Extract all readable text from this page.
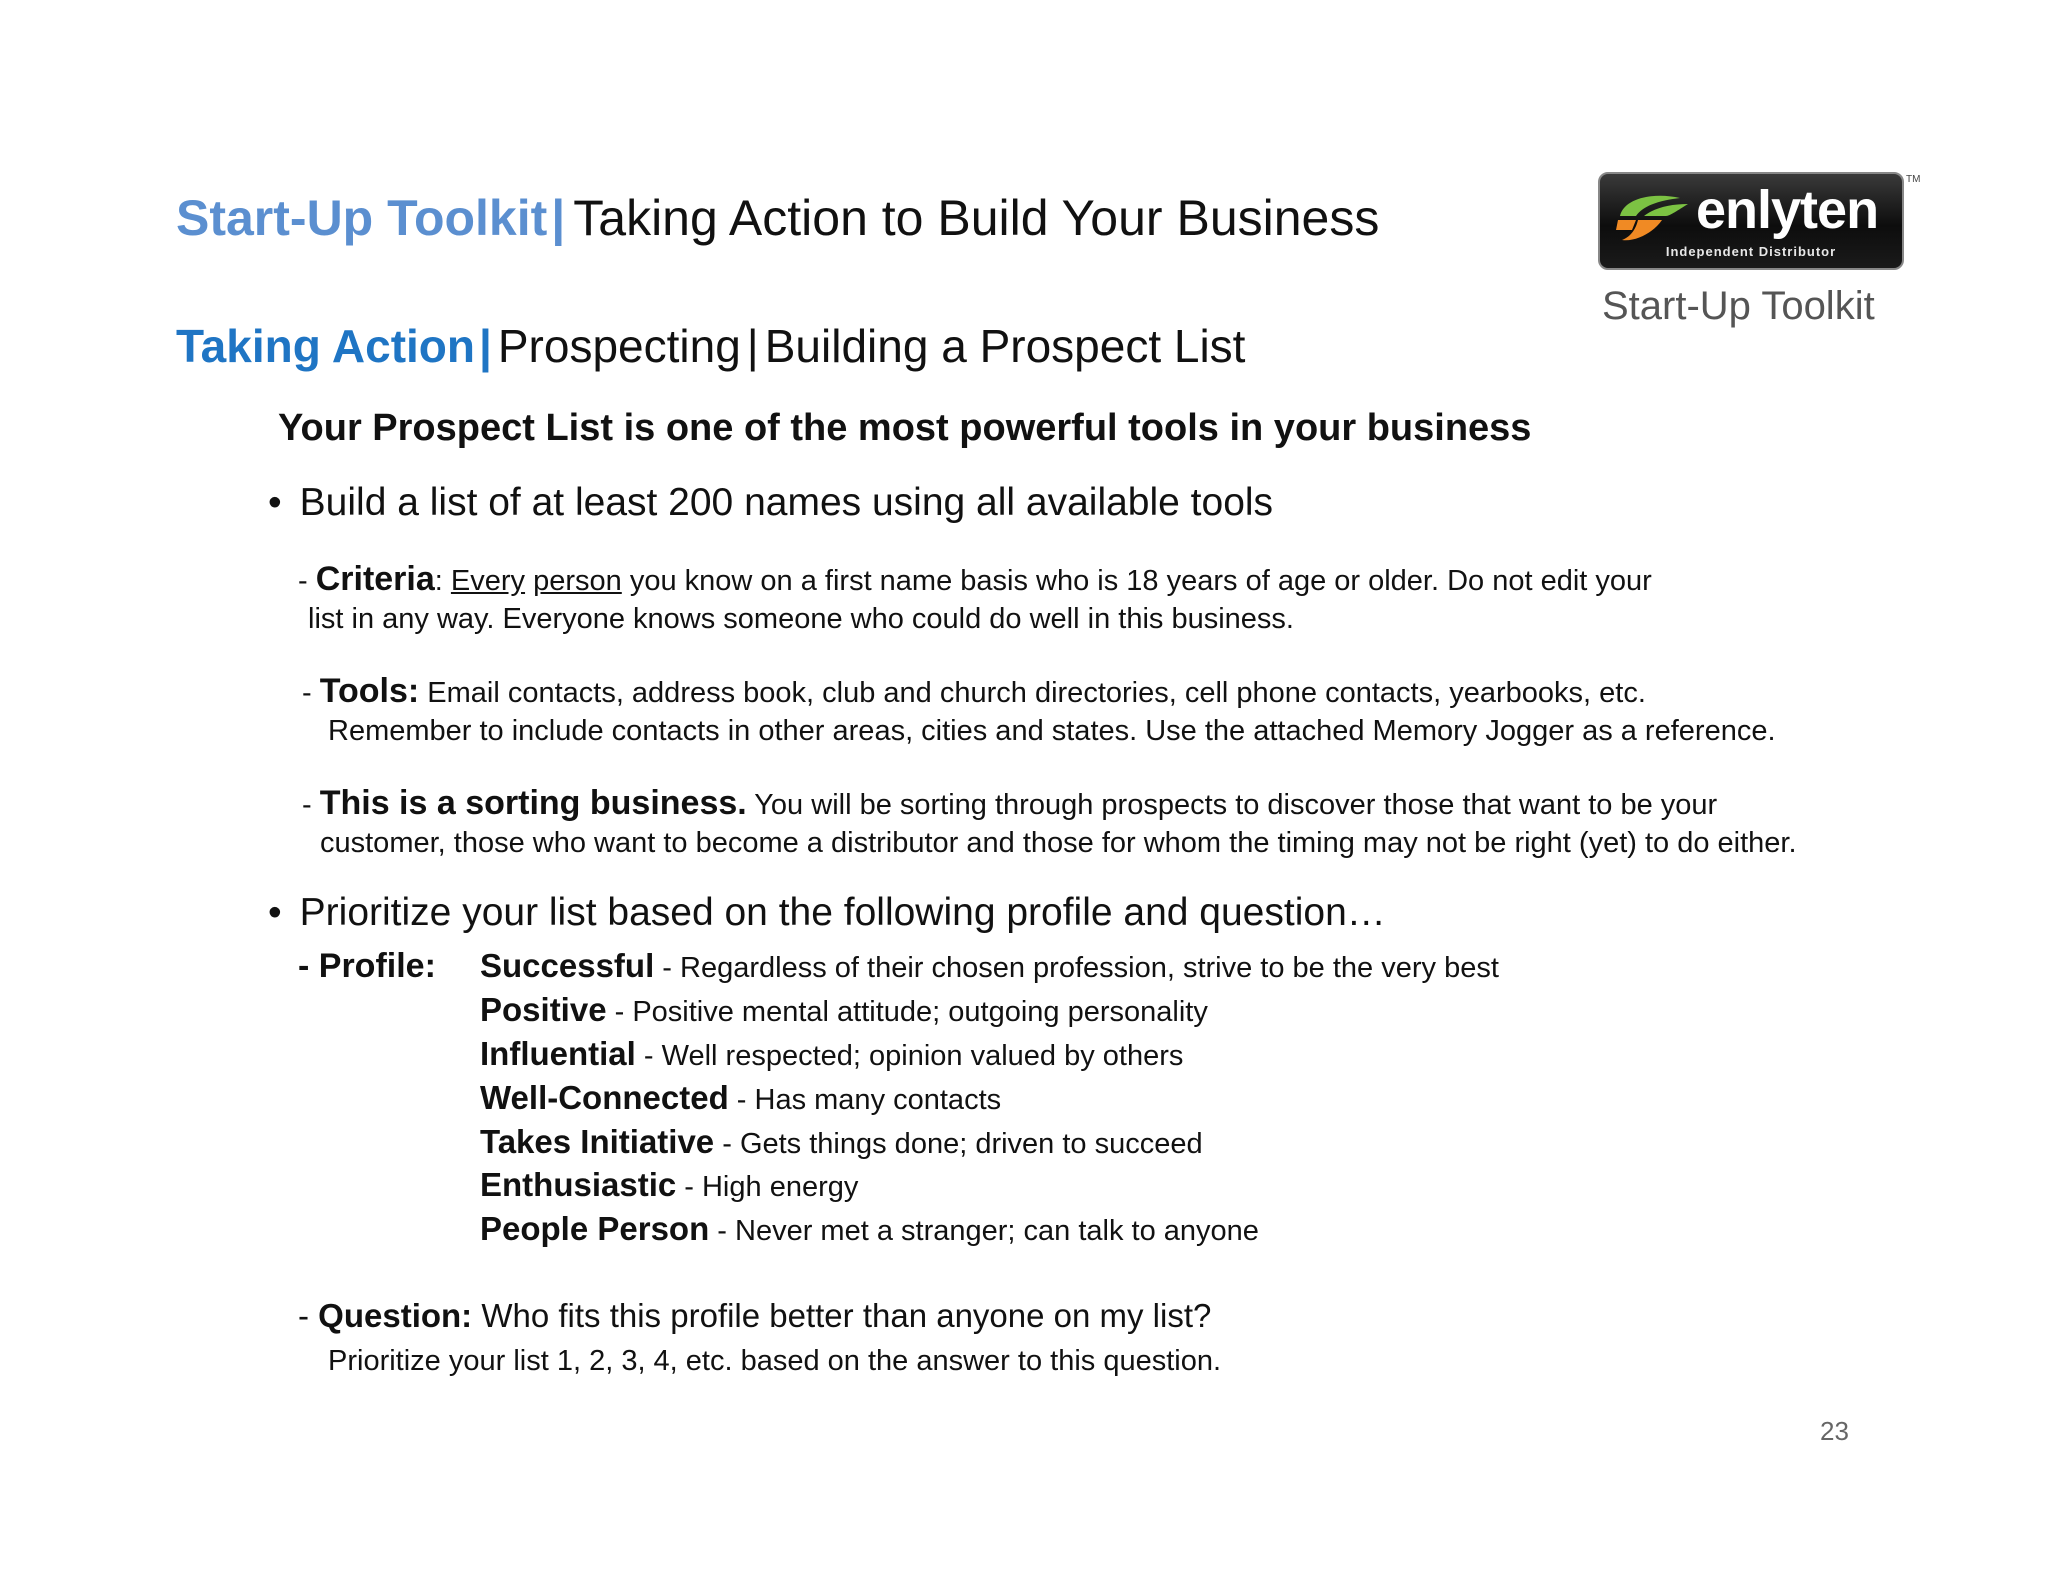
Start-Up Toolkit| Taking Action to Build Your Business
Taking Action| Prospecting | Building a Prospect List
enlyten
Independent Distributor
TM
Start-Up Toolkit
Your Prospect List is one of the most powerful tools in your business
• Build a list of at least 200 names using all available tools
- Criteria: Every person you know on a first name basis who is 18 years of age or older. Do not edit your
list in any way. Everyone knows someone who could do well in this business.
- Tools: Email contacts, address book, club and church directories, cell phone contacts, yearbooks, etc.
Remember to include contacts in other areas, cities and states. Use the attached Memory Jogger as a reference.
- This is a sorting business. You will be sorting through prospects to discover those that want to be your
customer, those who want to become a distributor and those for whom the timing may not be right (yet) to do either.
• Prioritize your list based on the following profile and question…
- Profile: Successful - Regardless of their chosen profession, strive to be the very best
Positive - Positive mental attitude; outgoing personality
Influential - Well respected; opinion valued by others
Well-Connected - Has many contacts
Takes Initiative - Gets things done; driven to succeed
Enthusiastic - High energy
People Person - Never met a stranger; can talk to anyone
- Question: Who fits this profile better than anyone on my list?
Prioritize your list 1, 2, 3, 4, etc. based on the answer to this question.
23
